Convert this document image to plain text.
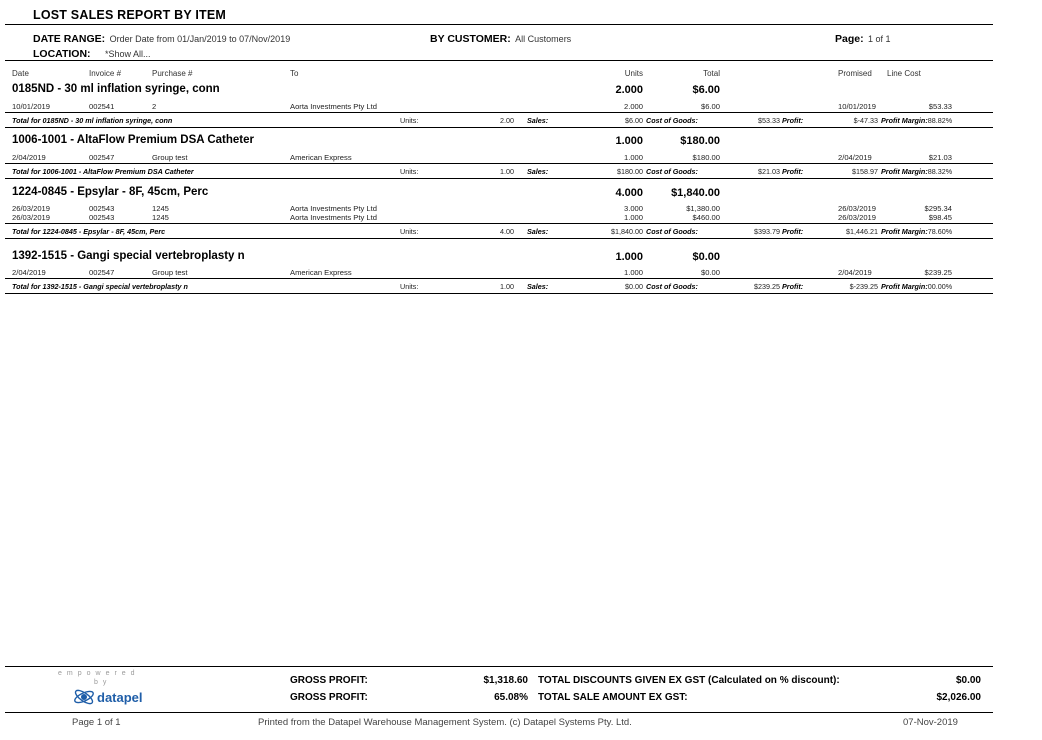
LOST SALES REPORT BY ITEM
DATE RANGE: Order Date from 01/Jan/2019 to 07/Nov/2019	BY CUSTOMER: All Customers	Page: 1 of 1
LOCATION: *Show All...
Date	Invoice #	Purchase #	To	Units	Total	Promised Line Cost
0185ND - 30 ml inflation syringe, conn	2.000	$6.00
10/01/2019	002541	2	Aorta Investments Pty Ltd	2.000	$6.00	10/01/2019	$53.33
Total for 0185ND - 30 ml inflation syringe, conn	Units:	2.00 Sales:	$6.00 Cost of Goods:	$53.33 Profit:	$-47.33 Profit Margin:88.82%
1006-1001 - AltaFlow Premium DSA Catheter	1.000	$180.00
2/04/2019	002547	Group test	American Express	1.000	$180.00	2/04/2019	$21.03
Total for 1006-1001 - AltaFlow Premium DSA Catheter	Units:	1.00 Sales:	$180.00 Cost of Goods:	$21.03 Profit:	$158.97 Profit Margin:88.32%
1224-0845 - Epsylar - 8F, 45cm, Perc	4.000	$1,840.00
26/03/2019	002543	1245	Aorta Investments Pty Ltd	3.000	$1,380.00	26/03/2019	$295.34
26/03/2019	002543	1245	Aorta Investments Pty Ltd	1.000	$460.00	26/03/2019	$98.45
Total for 1224-0845 - Epsylar - 8F, 45cm, Perc	Units:	4.00 Sales:	$1,840.00 Cost of Goods:	$393.79 Profit:	$1,446.21 Profit Margin:78.60%
1392-1515 - Gangi special vertebroplasty n	1.000	$0.00
2/04/2019	002547	Group test	American Express	1.000	$0.00	2/04/2019	$239.25
Total for 1392-1515 - Gangi special vertebroplasty n	Units:	1.00 Sales:	$0.00 Cost of Goods:	$239.25 Profit:	$-239.25 Profit Margin:00.00%
empowered
by
datapel
GROSS PROFIT:	$1,318.60
GROSS PROFIT:	65.08%
TOTAL DISCOUNTS GIVEN EX GST (Calculated on % discount):	$0.00
TOTAL SALE AMOUNT EX GST:	$2,026.00
Page 1 of 1	Printed from the Datapel Warehouse Management System. (c) Datapel Systems Pty. Ltd.	07-Nov-2019
